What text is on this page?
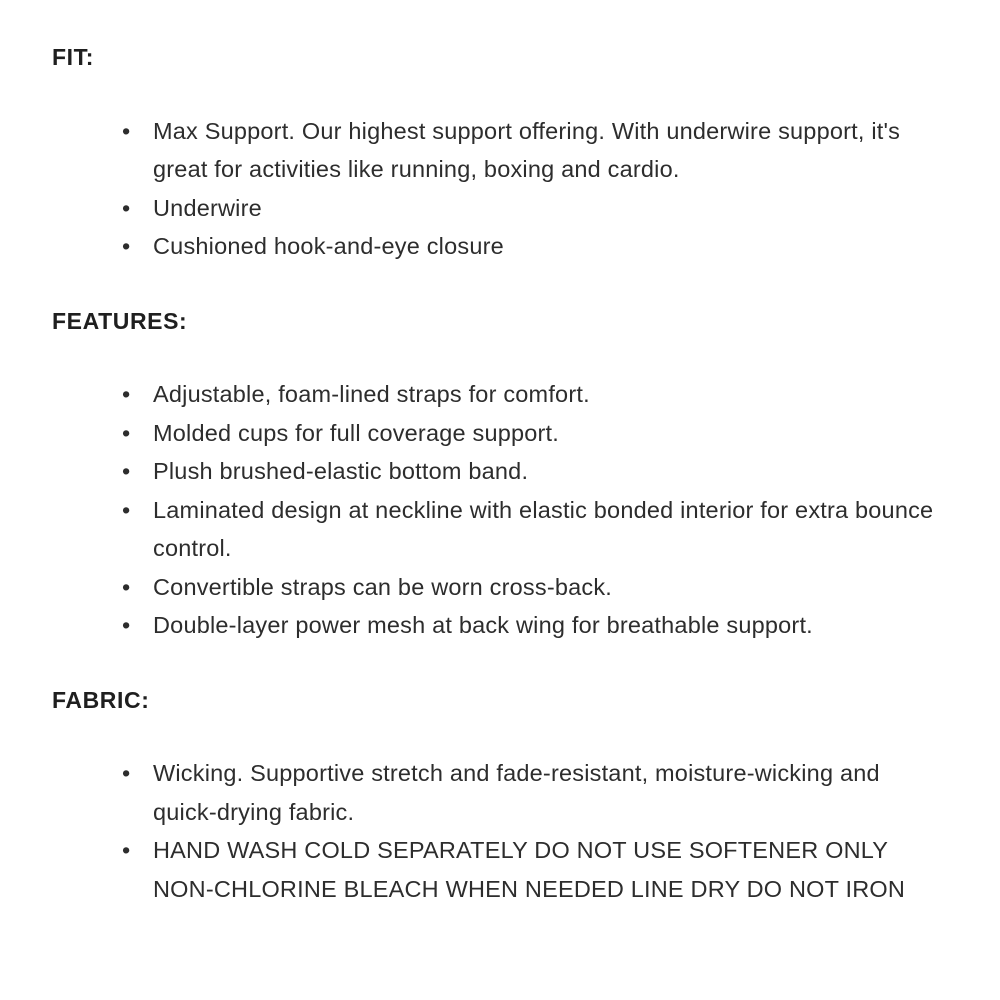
FIT:
• Max Support. Our highest support offering. With underwire support, it's great for activities like running, boxing and cardio.
• Underwire
• Cushioned hook-and-eye closure
FEATURES:
• Adjustable, foam-lined straps for comfort.
• Molded cups for full coverage support.
• Plush brushed-elastic bottom band.
• Laminated design at neckline with elastic bonded interior for extra bounce control.
• Convertible straps can be worn cross-back.
• Double-layer power mesh at back wing for breathable support.
FABRIC:
• Wicking. Supportive stretch and fade-resistant, moisture-wicking and quick-drying fabric.
• HAND WASH COLD SEPARATELY DO NOT USE SOFTENER ONLY NON-CHLORINE BLEACH WHEN NEEDED LINE DRY DO NOT IRON
